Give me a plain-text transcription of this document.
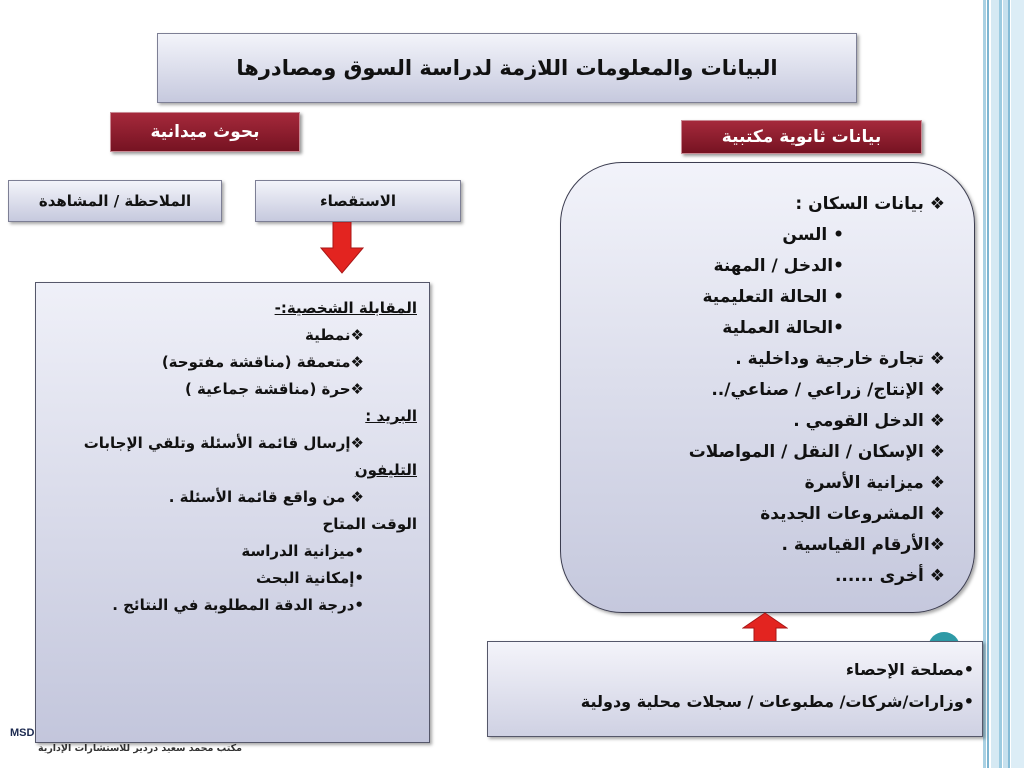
البيانات والمعلومات اللازمة لدراسة السوق ومصادرها
بحوث ميدانية	بيانات ثانوية مكتبية
الملاحظة / المشاهدة	الاستقصاء
MSD
المقابلة الشخصية:-
❖نمطية
❖متعمقة (مناقشة مفتوحة)
❖حرة (مناقشة جماعية )
البريد :
❖إرسال قائمة الأسئلة وتلقي الإجابات
التليفون
❖ من واقع قائمة الأسئلة .
الوقت المتاح
•ميزانية الدراسة
•إمكانية البحث
•درجة الدقة المطلوبة في النتائج .
❖ بيانات السكان :
• السن
•الدخل / المهنة
• الحالة التعليمية
•الحالة العملية
❖ تجارة خارجية وداخلية .
❖ الإنتاج/ زراعي / صناعي/..
❖ الدخل القومي .
❖ الإسكان / النقل / المواصلات
❖ ميزانية الأسرة
❖ المشروعات الجديدة
❖الأرقام القياسية .
❖ أخرى ......
•مصلحة الإحصاء
•وزارات/شركات/ مطبوعات / سجلات محلية ودولية
مكتب محمد سعيد دردير للاستشارات الإدارية
